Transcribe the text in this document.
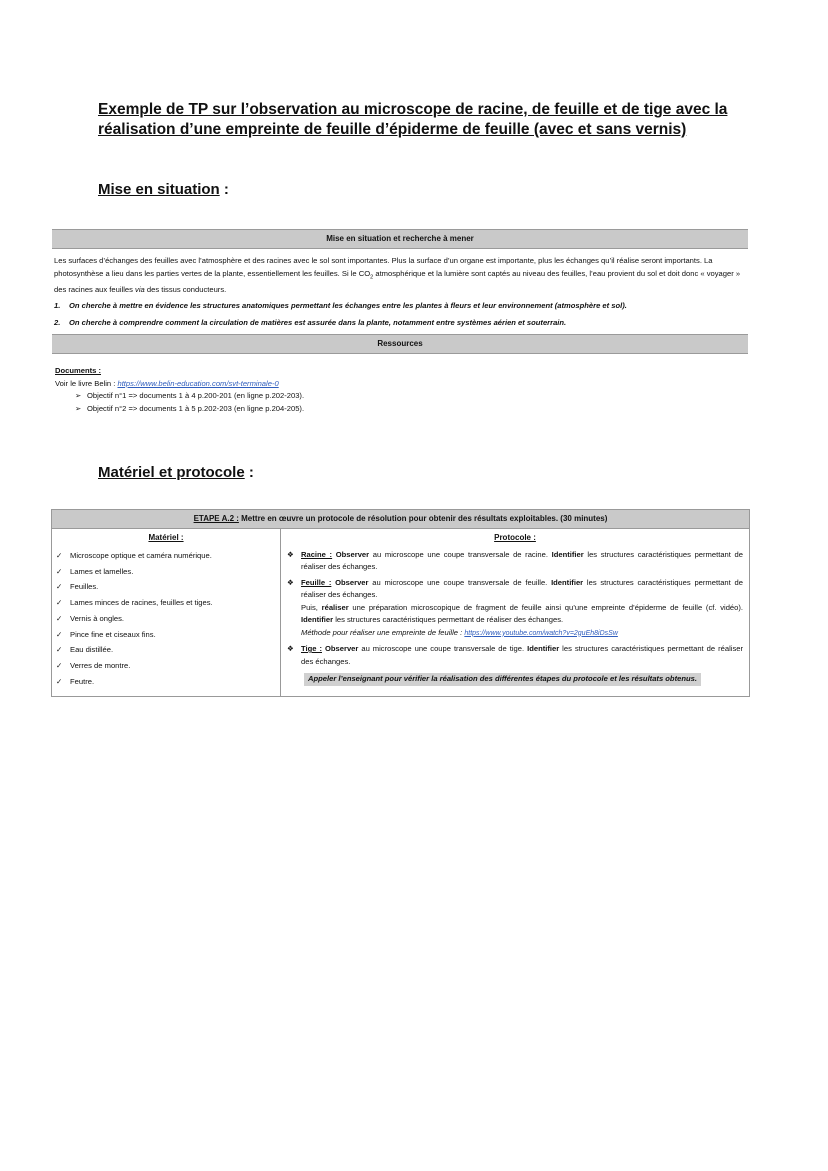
Exemple de TP sur l’observation au microscope de racine, de feuille et de tige avec la
réalisation d’une empreinte de feuille d’épiderme de feuille (avec et sans vernis)
Mise en situation :
Mise en situation et recherche à mener
Les surfaces d’échanges des feuilles avec l’atmosphère et des racines avec le sol sont importantes. Plus la surface d’un organe est importante, plus les échanges qu’il réalise seront importants. La photosynthèse a lieu dans les parties vertes de la plante, essentiellement les feuilles. Si le $CO_2$ atmosphérique et la lumière sont captés au niveau des feuilles, l’eau provient du sol et doit donc « voyager » des racines aux feuilles via des tissus conducteurs.
1.	On cherche à mettre en évidence les structures anatomiques permettant les échanges entre les plantes à fleurs et leur environnement (atmosphère et sol).
2.	On cherche à comprendre comment la circulation de matières est assurée dans la plante, notamment entre systèmes aérien et souterrain.
Ressources
Documents :
Voir le livre Belin : https://www.belin-education.com/svt-terminale-0
➢ Objectif n°1 => documents 1 à 4 p.200-201 (en ligne p.202-203).
➢ Objectif n°2 => documents 1 à 5 p.202-203 (en ligne p.204-205).
Matériel et protocole :
ETAPE A.2 : Mettre en œuvre un protocole de résolution pour obtenir des résultats exploitables. (30 minutes)
Matériel :
✓	Microscope optique et caméra numérique.
✓	Lames et lamelles.
✓	Feuilles.
✓	Lames minces de racines, feuilles et tiges.
✓	Vernis à ongles.
✓	Pince fine et ciseaux fins.
✓	Eau distillée.
✓	Verres de montre.
✓	Feutre.
Protocole :
❖ Racine : Observer au microscope une coupe transversale de racine. Identifier les structures caractéristiques permettant de réaliser des échanges.
❖ Feuille : Observer au microscope une coupe transversale de feuille. Identifier les structures caractéristiques permettant de réaliser des échanges.
Puis, réaliser une préparation microscopique de fragment de feuille ainsi qu’une empreinte d’épiderme de feuille (cf. vidéo). Identifier les structures caractéristiques permettant de réaliser des échanges.
Méthode pour réaliser une empreinte de feuille : https://www.youtube.com/watch?v=2guEh8iDsSw
❖ Tige : Observer au microscope une coupe transversale de tige. Identifier les structures caractéristiques permettant de réaliser des échanges.
Appeler l’enseignant pour vérifier la réalisation des différentes étapes du protocole et les résultats obtenus.
